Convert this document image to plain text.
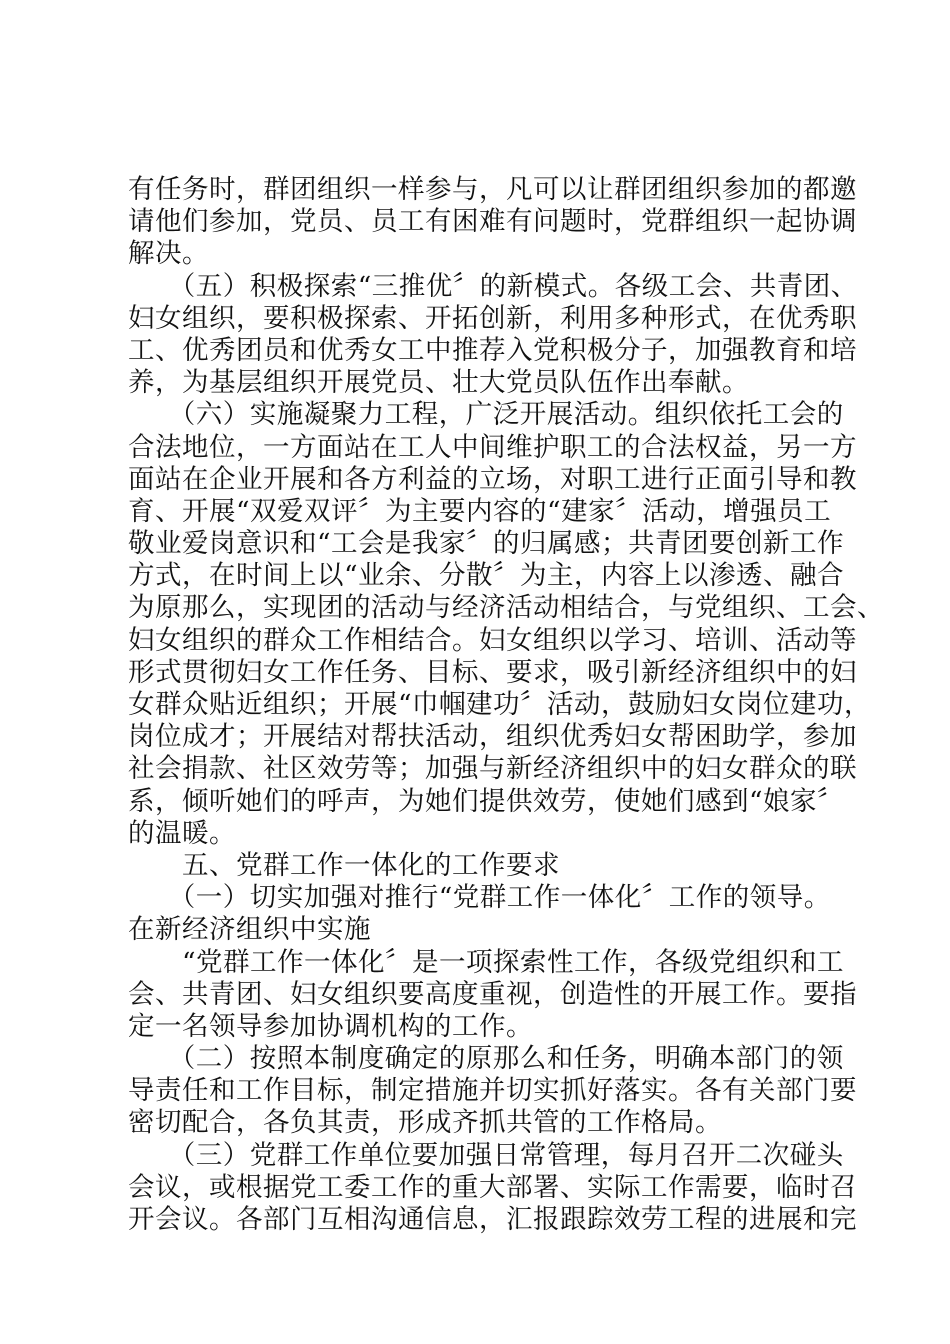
有任务时，群团组织一样参与，凡可以让群团组织参加的都邀
请他们参加，党员、员工有困难有问题时，党群组织一起协调
解决。
　　（五）积极探索“三推优〞的新模式。各级工会、共青团、
妇女组织，要积极探索、开拓创新，利用多种形式，在优秀职
工、优秀团员和优秀女工中推荐入党积极分子，加强教育和培
养，为基层组织开展党员、壮大党员队伍作出奉献。
　　（六）实施凝聚力工程，广泛开展活动。组织依托工会的
合法地位，一方面站在工人中间维护职工的合法权益，另一方
面站在企业开展和各方利益的立场，对职工进行正面引导和教
育、开展“双爱双评〞为主要内容的“建家〞活动，增强员工
敬业爱岗意识和“工会是我家〞的归属感；共青团要创新工作
方式，在时间上以“业余、分散〞为主，内容上以渗透、融合
为原那么，实现团的活动与经济活动相结合，与党组织、工会、
妇女组织的群众工作相结合。妇女组织以学习、培训、活动等
形式贯彻妇女工作任务、目标、要求，吸引新经济组织中的妇
女群众贴近组织；开展“巾帼建功〞活动，鼓励妇女岗位建功，
岗位成才；开展结对帮扶活动，组织优秀妇女帮困助学，参加
社会捐款、社区效劳等；加强与新经济组织中的妇女群众的联
系，倾听她们的呼声，为她们提供效劳，使她们感到“娘家〞
的温暖。
　　五、党群工作一体化的工作要求
　　（一）切实加强对推行“党群工作一体化〞工作的领导。
在新经济组织中实施
　　“党群工作一体化〞是一项探索性工作，各级党组织和工
会、共青团、妇女组织要高度重视，创造性的开展工作。要指
定一名领导参加协调机构的工作。
　　（二）按照本制度确定的原那么和任务，明确本部门的领
导责任和工作目标，制定措施并切实抓好落实。各有关部门要
密切配合，各负其责，形成齐抓共管的工作格局。
　　（三）党群工作单位要加强日常管理，每月召开二次碰头
会议，或根据党工委工作的重大部署、实际工作需要，临时召
开会议。各部门互相沟通信息，汇报跟踪效劳工程的进展和完
